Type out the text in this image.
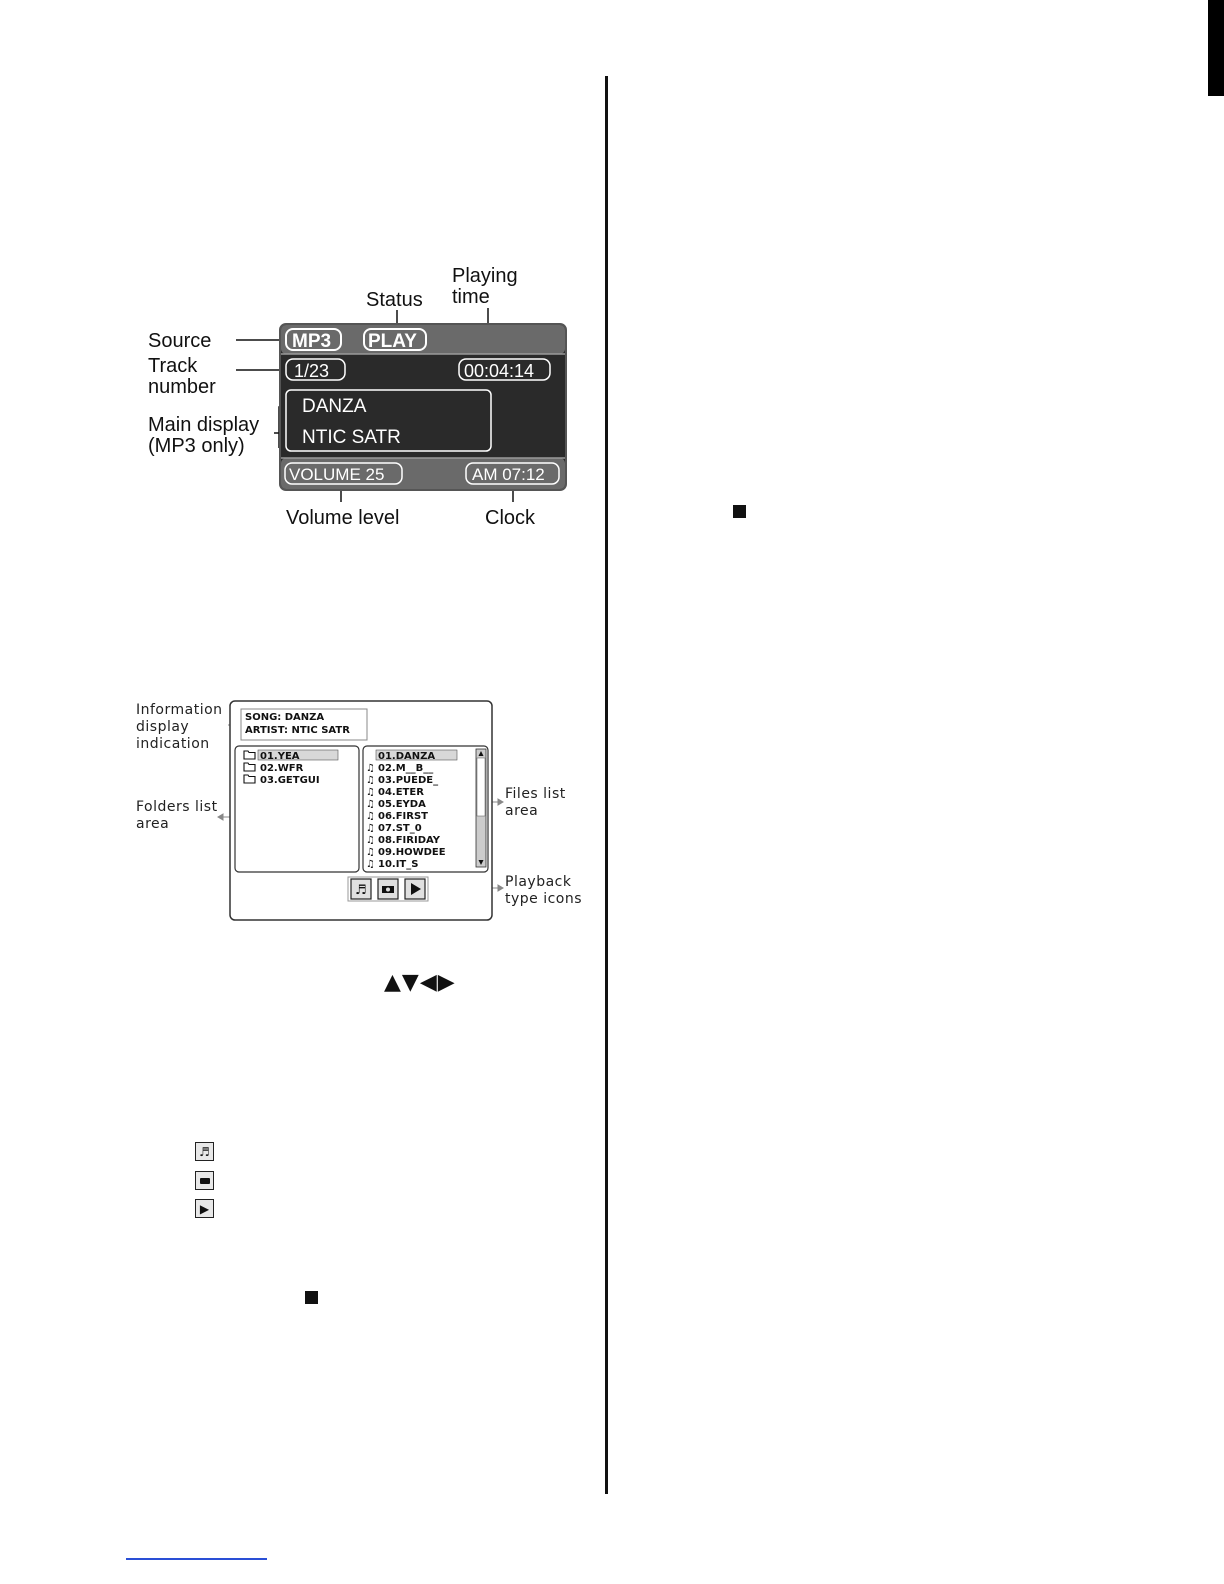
Source
Track
number
Main display
(MP3 only)
Status
Playing
time
Volume level	Clock
MP3 PLAY
1/23	00:04:14
DANZA
NTIC SATR
VOLUME 25	AM 07:12
Information
display
indication
Folders list
area
Files list
area
Playback
type icons
SONG: DANZA
ARTIST: NTIC SATR
01.YEA
02.WFR
03.GETGUI
01.DANZA
♫ 02.M__B__
♫ 03.PUEDE_
♫ 04.ETER
♫ 05.EYDA
♫ 06.FIRST
♫ 07.ST_0
♫ 08.FIRIDAY
♫ 09.HOWDEE
♫ 10.IT_S
♬
▲▼◀▶
♬
▶
